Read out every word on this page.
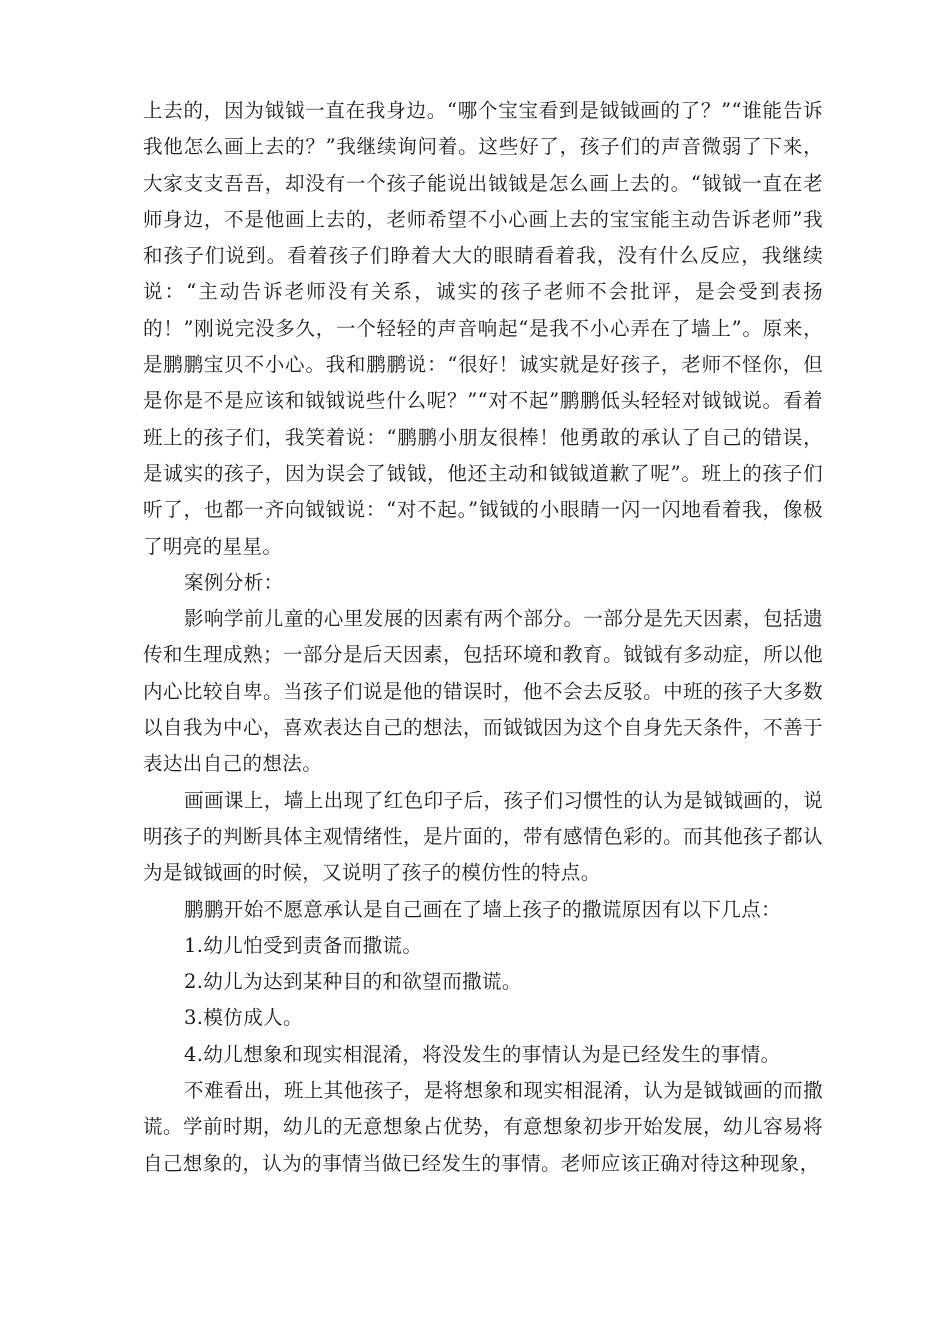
上去的，因为钺钺一直在我身边。“哪个宝宝看到是钺钺画的了？”“谁能告诉我他怎么画上去的？”我继续询问着。这些好了，孩子们的声音微弱了下来，大家支支吾吾，却没有一个孩子能说出钺钺是怎么画上去的。“钺钺一直在老师身边，不是他画上去的，老师希望不小心画上去的宝宝能主动告诉老师”我和孩子们说到。看着孩子们睁着大大的眼睛看着我，没有什么反应，我继续说：“主动告诉老师没有关系，诚实的孩子老师不会批评，是会受到表扬的！”刚说完没多久，一个轻轻的声音响起“是我不小心弄在了墙上”。原来，是鹏鹏宝贝不小心。我和鹏鹏说：“很好！诚实就是好孩子，老师不怪你，但是你是不是应该和钺钺说些什么呢？”“对不起”鹏鹏低头轻轻对钺钺说。看着班上的孩子们，我笑着说：“鹏鹏小朋友很棒！他勇敢的承认了自己的错误，是诚实的孩子，因为误会了钺钺，他还主动和钺钺道歉了呢”。班上的孩子们听了，也都一齐向钺钺说：“对不起。”钺钺的小眼睛一闪一闪地看着我，像极了明亮的星星。

案例分析：

影响学前儿童的心里发展的因素有两个部分。一部分是先天因素，包括遗传和生理成熟；一部分是后天因素，包括环境和教育。钺钺有多动症，所以他内心比较自卑。当孩子们说是他的错误时，他不会去反驳。中班的孩子大多数以自我为中心，喜欢表达自己的想法，而钺钺因为这个自身先天条件，不善于表达出自己的想法。

画画课上，墙上出现了红色印子后，孩子们习惯性的认为是钺钺画的，说明孩子的判断具体主观情绪性，是片面的，带有感情色彩的。而其他孩子都认为是钺钺画的时候，又说明了孩子的模仿性的特点。

鹏鹏开始不愿意承认是自己画在了墙上孩子的撒谎原因有以下几点：

1.幼儿怕受到责备而撒谎。

2.幼儿为达到某种目的和欲望而撒谎。

3.模仿成人。

4.幼儿想象和现实相混淆，将没发生的事情认为是已经发生的事情。

不难看出，班上其他孩子，是将想象和现实相混淆，认为是钺钺画的而撒谎。学前时期，幼儿的无意想象占优势，有意想象初步开始发展，幼儿容易将自己想象的，认为的事情当做已经发生的事情。老师应该正确对待这种现象，
